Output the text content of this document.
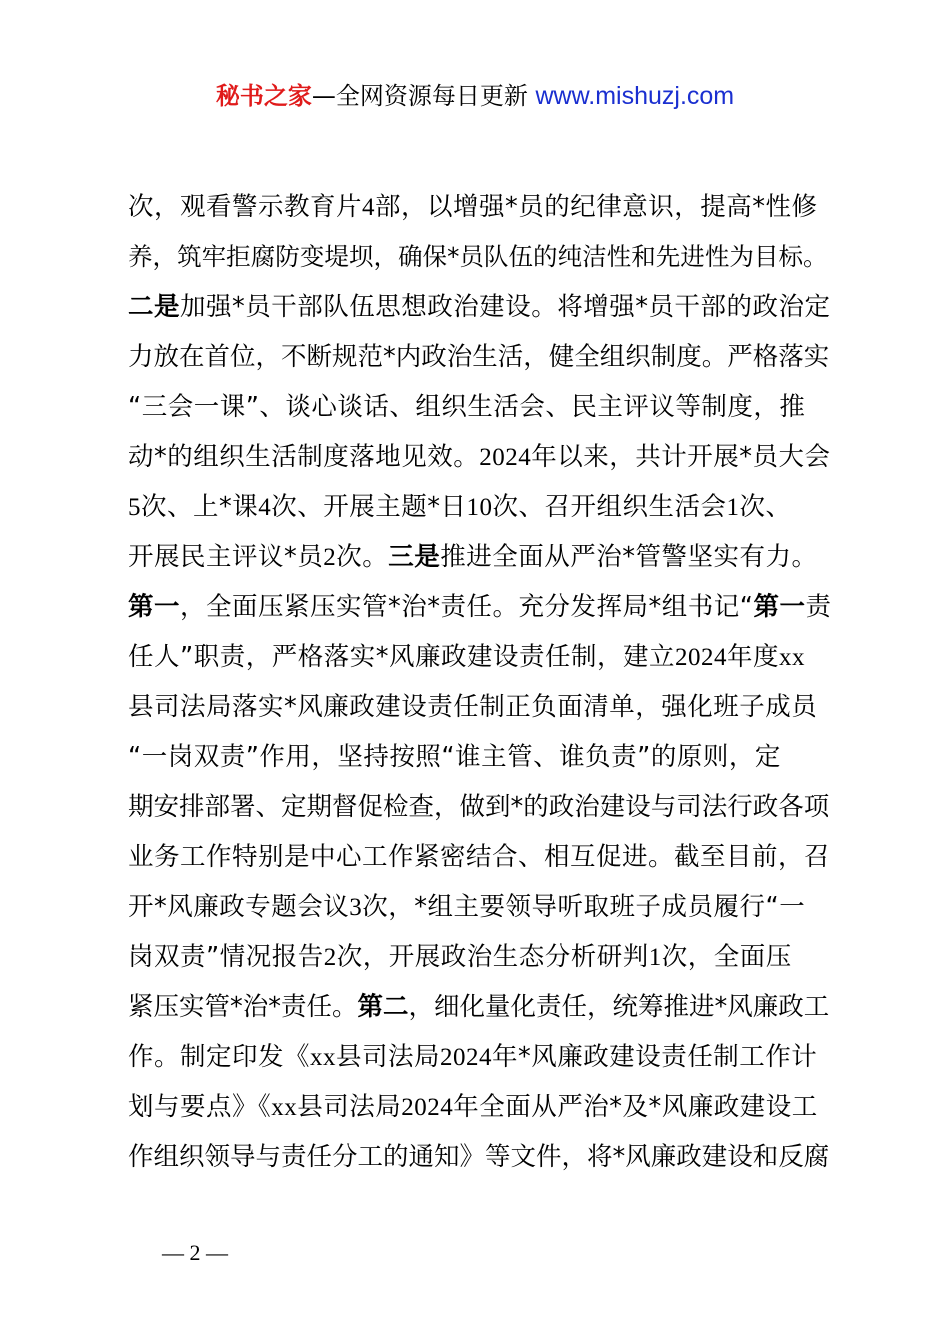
秘书之家—全网资源每日更新 www.mishuzj.com
次，观看警示教育片4部，以增强*员的纪律意识，提高*性修
养，筑牢拒腐防变堤坝，确保*员队伍的纯洁性和先进性为目标。
二是加强*员干部队伍思想政治建设。将增强*员干部的政治定
力放在首位，不断规范*内政治生活，健全组织制度。严格落实
“三会一课”、谈心谈话、组织生活会、民主评议等制度，推
动*的组织生活制度落地见效。2024年以来，共计开展*员大会
5次、上*课4次、开展主题*日10次、召开组织生活会1次、
开展民主评议*员2次。三是推进全面从严治*管警坚实有力。
第一，全面压紧压实管*治*责任。充分发挥局*组书记“第一责
任人”职责，严格落实*风廉政建设责任制，建立2024年度xx
县司法局落实*风廉政建设责任制正负面清单，强化班子成员
“一岗双责”作用，坚持按照“谁主管、谁负责”的原则，定
期安排部署、定期督促检查，做到*的政治建设与司法行政各项
业务工作特别是中心工作紧密结合、相互促进。截至目前，召
开*风廉政专题会议3次，*组主要领导听取班子成员履行“一
岗双责”情况报告2次，开展政治生态分析研判1次，全面压
紧压实管*治*责任。第二，细化量化责任，统筹推进*风廉政工
作。制定印发《xx县司法局2024年*风廉政建设责任制工作计
划与要点》《xx县司法局2024年全面从严治*及*风廉政建设工
作组织领导与责任分工的通知》等文件，将*风廉政建设和反腐
— 2 —
